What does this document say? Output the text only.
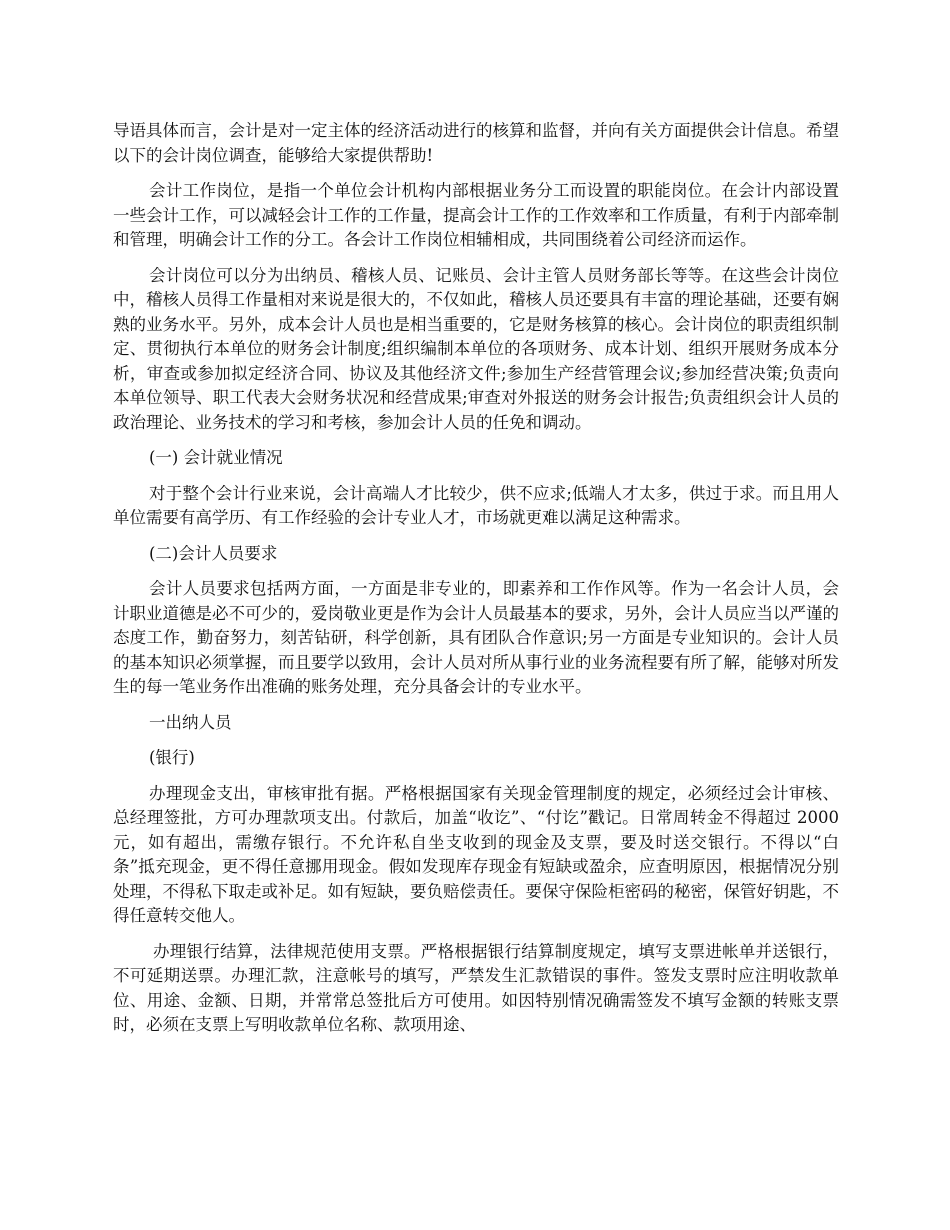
导语具体而言，会计是对一定主体的经济活动进行的核算和监督，并向有关方面提供会计信息。希望以下的会计岗位调查，能够给大家提供帮助!

会计工作岗位，是指一个单位会计机构内部根据业务分工而设置的职能岗位。在会计内部设置一些会计工作，可以减轻会计工作的工作量，提高会计工作的工作效率和工作质量，有利于内部牵制和管理，明确会计工作的分工。各会计工作岗位相辅相成，共同围绕着公司经济而运作。

会计岗位可以分为出纳员、稽核人员、记账员、会计主管人员财务部长等等。在这些会计岗位中，稽核人员得工作量相对来说是很大的，不仅如此，稽核人员还要具有丰富的理论基础，还要有娴熟的业务水平。另外，成本会计人员也是相当重要的，它是财务核算的核心。会计岗位的职责组织制定、贯彻执行本单位的财务会计制度;组织编制本单位的各项财务、成本计划、组织开展财务成本分析，审查或参加拟定经济合同、协议及其他经济文件;参加生产经营管理会议;参加经营决策;负责向本单位领导、职工代表大会财务状况和经营成果;审查对外报送的财务会计报告;负责组织会计人员的政治理论、业务技术的学习和考核，参加会计人员的任免和调动。

(一) 会计就业情况

对于整个会计行业来说，会计高端人才比较少，供不应求;低端人才太多，供过于求。而且用人单位需要有高学历、有工作经验的会计专业人才，市场就更难以满足这种需求。

(二)会计人员要求

会计人员要求包括两方面，一方面是非专业的，即素养和工作作风等。作为一名会计人员，会计职业道德是必不可少的，爱岗敬业更是作为会计人员最基本的要求，另外，会计人员应当以严谨的态度工作，勤奋努力，刻苦钻研，科学创新，具有团队合作意识;另一方面是专业知识的。会计人员的基本知识必须掌握，而且要学以致用，会计人员对所从事行业的业务流程要有所了解，能够对所发生的每一笔业务作出准确的账务处理，充分具备会计的专业水平。

一出纳人员

(银行)

办理现金支出，审核审批有据。严格根据国家有关现金管理制度的规定，必须经过会计审核、总经理签批，方可办理款项支出。付款后，加盖“收讫”、“付讫”戳记。日常周转金不得超过 2000 元，如有超出，需缴存银行。不允许私自坐支收到的现金及支票，要及时送交银行。不得以“白条”抵充现金，更不得任意挪用现金。假如发现库存现金有短缺或盈余，应查明原因，根据情况分别处理，不得私下取走或补足。如有短缺，要负赔偿责任。要保守保险柜密码的秘密，保管好钥匙，不得任意转交他人。

办理银行结算，法律规范使用支票。严格根据银行结算制度规定，填写支票进帐单并送银行，不可延期送票。办理汇款，注意帐号的填写，严禁发生汇款错误的事件。签发支票时应注明收款单位、用途、金额、日期，并常常总签批后方可使用。如因特别情况确需签发不填写金额的转账支票时，必须在支票上写明收款单位名称、款项用途、
